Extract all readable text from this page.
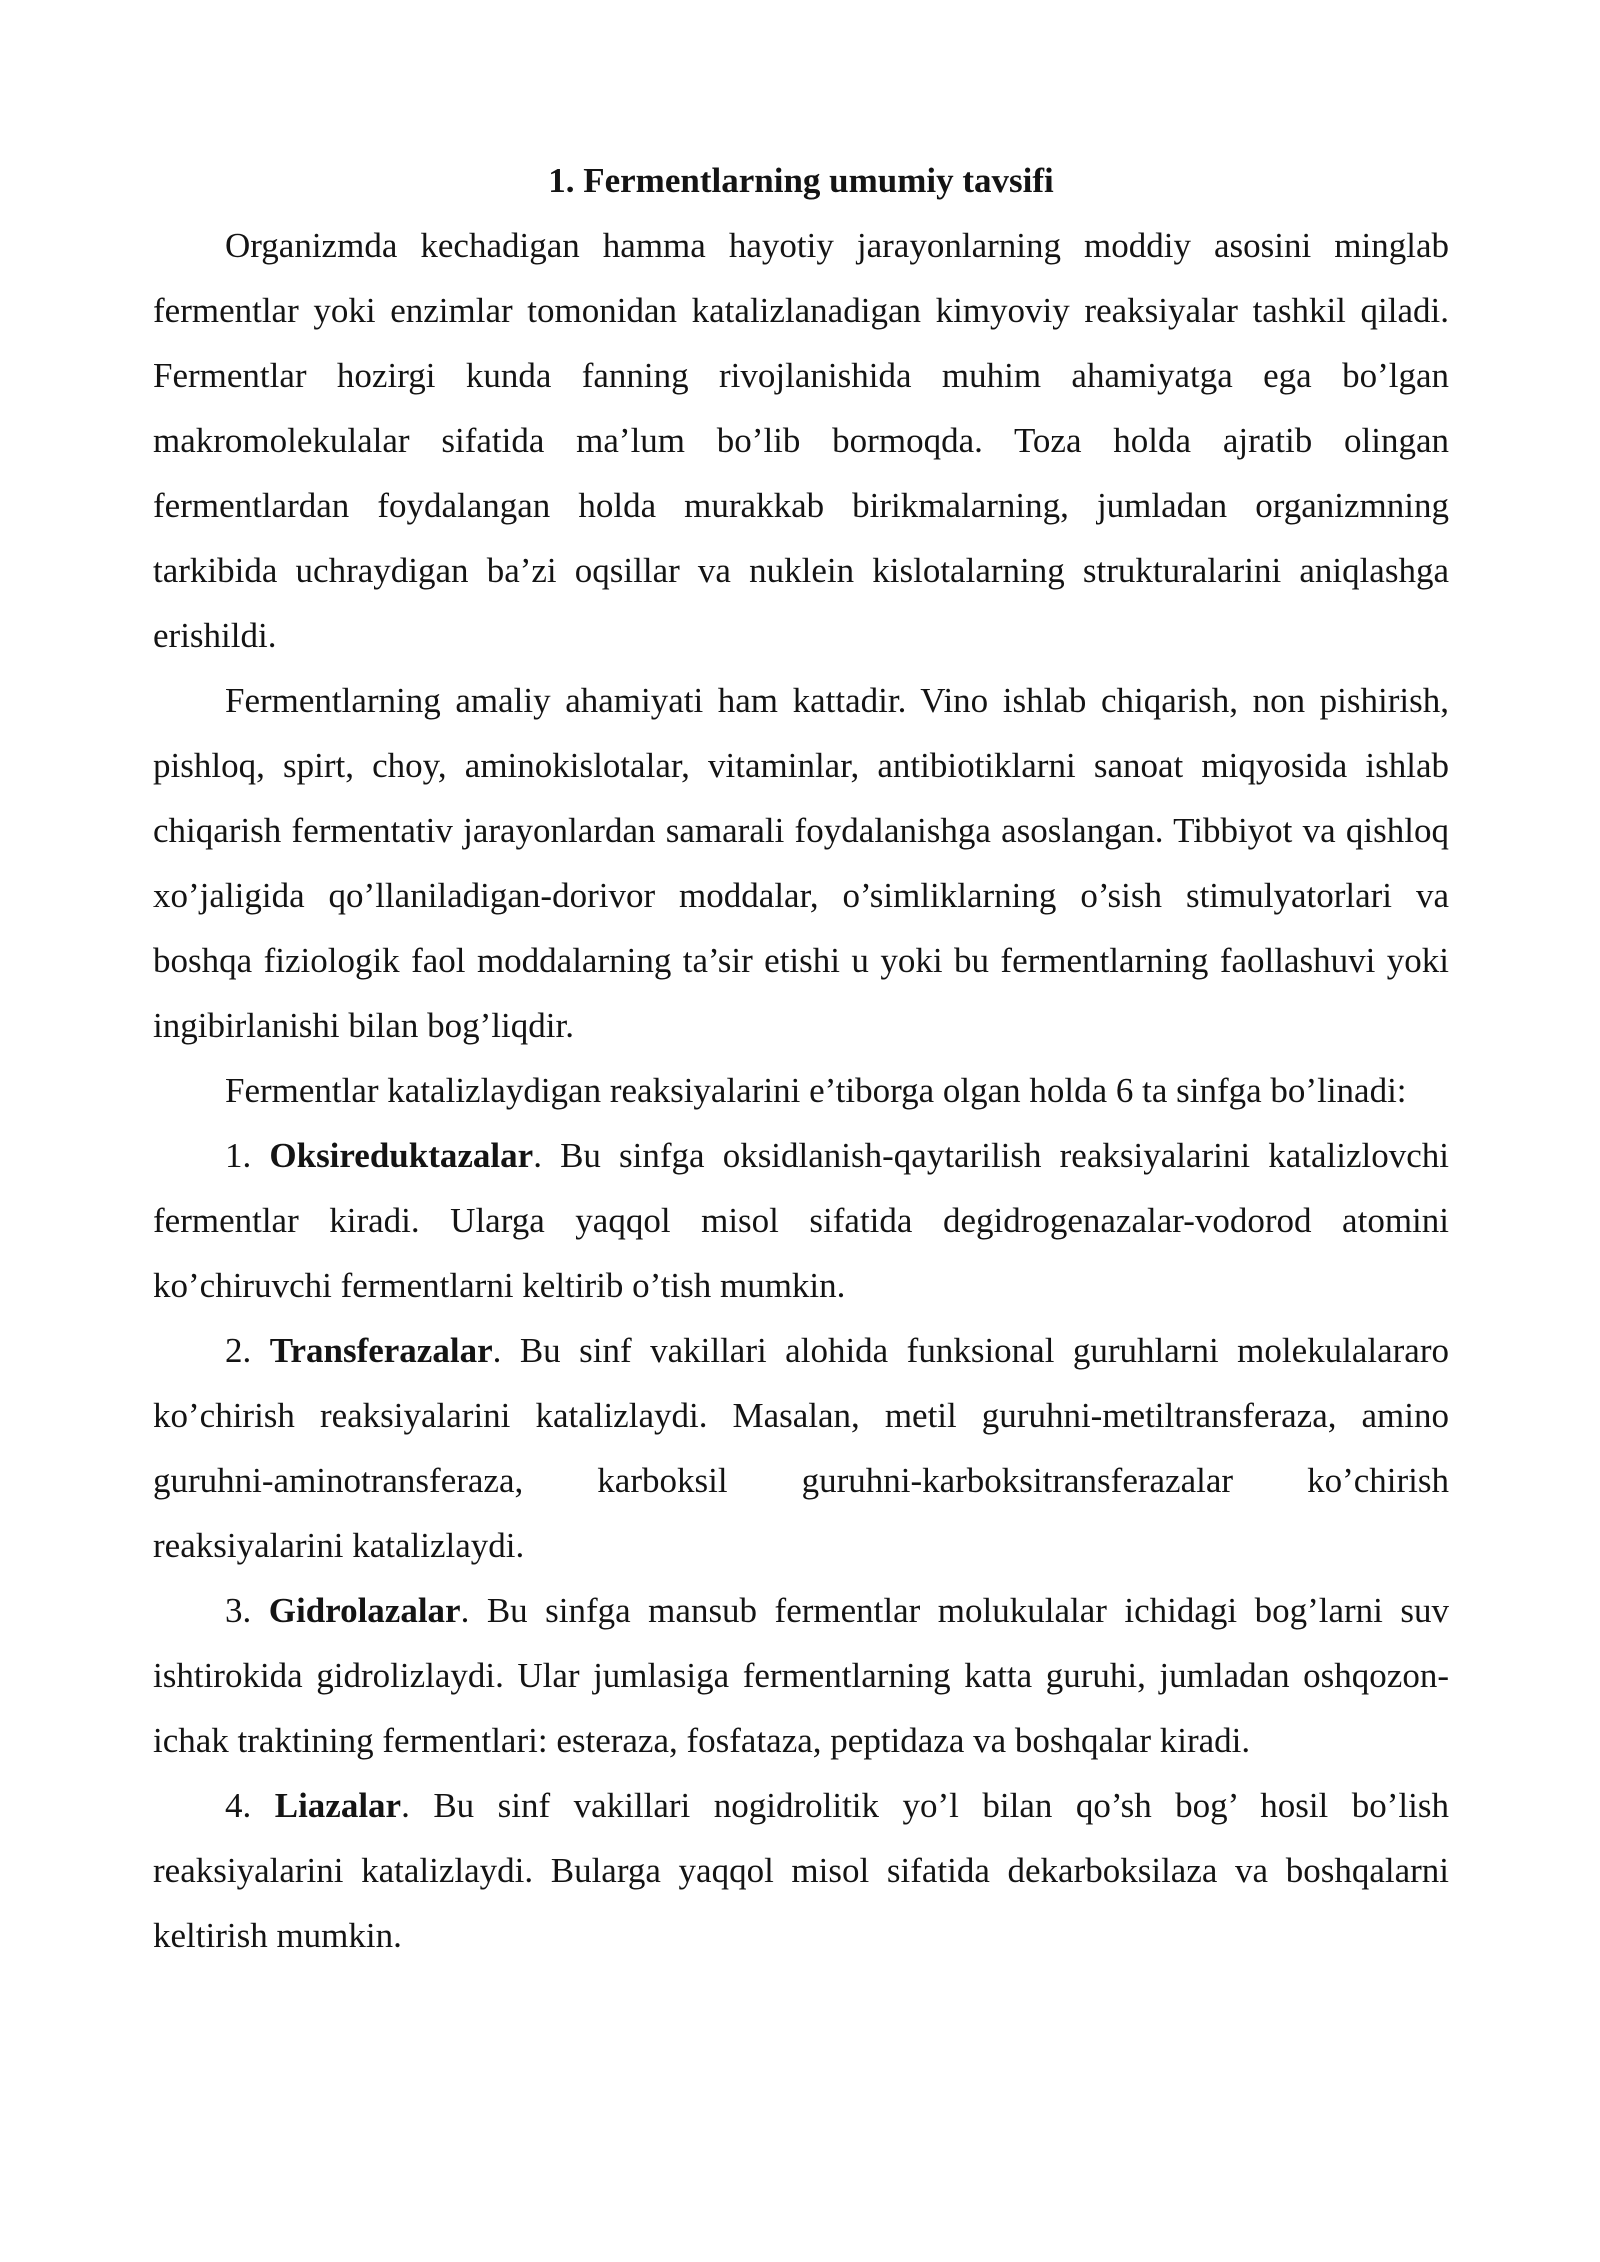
1. Fermentlarning umumiy tavsifi

Organizmda kechadigan hamma hayotiy jarayonlarning moddiy asosini minglab fermentlar yoki enzimlar tomonidan katalizlanadigan kimyoviy reaksiyalar tashkil qiladi. Fermentlar hozirgi kunda fanning rivojlanishida muhim ahamiyatga ega bo’lgan makromolekulalar sifatida ma’lum bo’lib bormoqda. Toza holda ajratib olingan fermentlardan foydalangan holda murakkab birikmalarning, jumladan organizmning tarkibida uchraydigan ba’zi oqsillar va nuklein kislotalarning strukturalarini aniqlashga erishildi.

Fermentlarning amaliy ahamiyati ham kattadir. Vino ishlab chiqarish, non pishirish, pishloq, spirt, choy, aminokislotalar, vitaminlar, antibiotiklarni sanoat miqyosida ishlab chiqarish fermentativ jarayonlardan samarali foydalanishga asoslangan. Tibbiyot va qishloq xo’jaligida qo’llaniladigan-dorivor moddalar, o’simliklarning o’sish stimulyatorlari va boshqa fiziologik faol moddalarning ta’sir etishi u yoki bu fermentlarning faollashuvi yoki ingibirlanishi bilan bog’liqdir.

Fermentlar katalizlaydigan reaksiyalarini e’tiborga olgan holda 6 ta sinfga bo’linadi:

1. Oksireduktazalar. Bu sinfga oksidlanish-qaytarilish reaksiyalarini katalizlovchi fermentlar kiradi. Ularga yaqqol misol sifatida degidrogenazalar-vodorod atomini ko’chiruvchi fermentlarni keltirib o’tish mumkin.

2. Transferazalar. Bu sinf vakillari alohida funksional guruhlarni molekulalararo ko’chirish reaksiyalarini katalizlaydi. Masalan, metil guruhni-metiltransferaza, amino guruhni-aminotransferaza, karboksil guruhni-karboksitransferazalar ko’chirish reaksiyalarini katalizlaydi.

3. Gidrolazalar. Bu sinfga mansub fermentlar molukulalar ichidagi bog’larni suv ishtirokida gidrolizlaydi. Ular jumlasiga fermentlarning katta guruhi, jumladan oshqozon-ichak traktining fermentlari: esteraza, fosfataza, peptidaza va boshqalar kiradi.

4. Liazalar. Bu sinf vakillari nogidrolitik yo’l bilan qo’sh bog’ hosil bo’lish reaksiyalarini katalizlaydi. Bularga yaqqol misol sifatida dekarboksilaza va boshqalarni keltirish mumkin.
